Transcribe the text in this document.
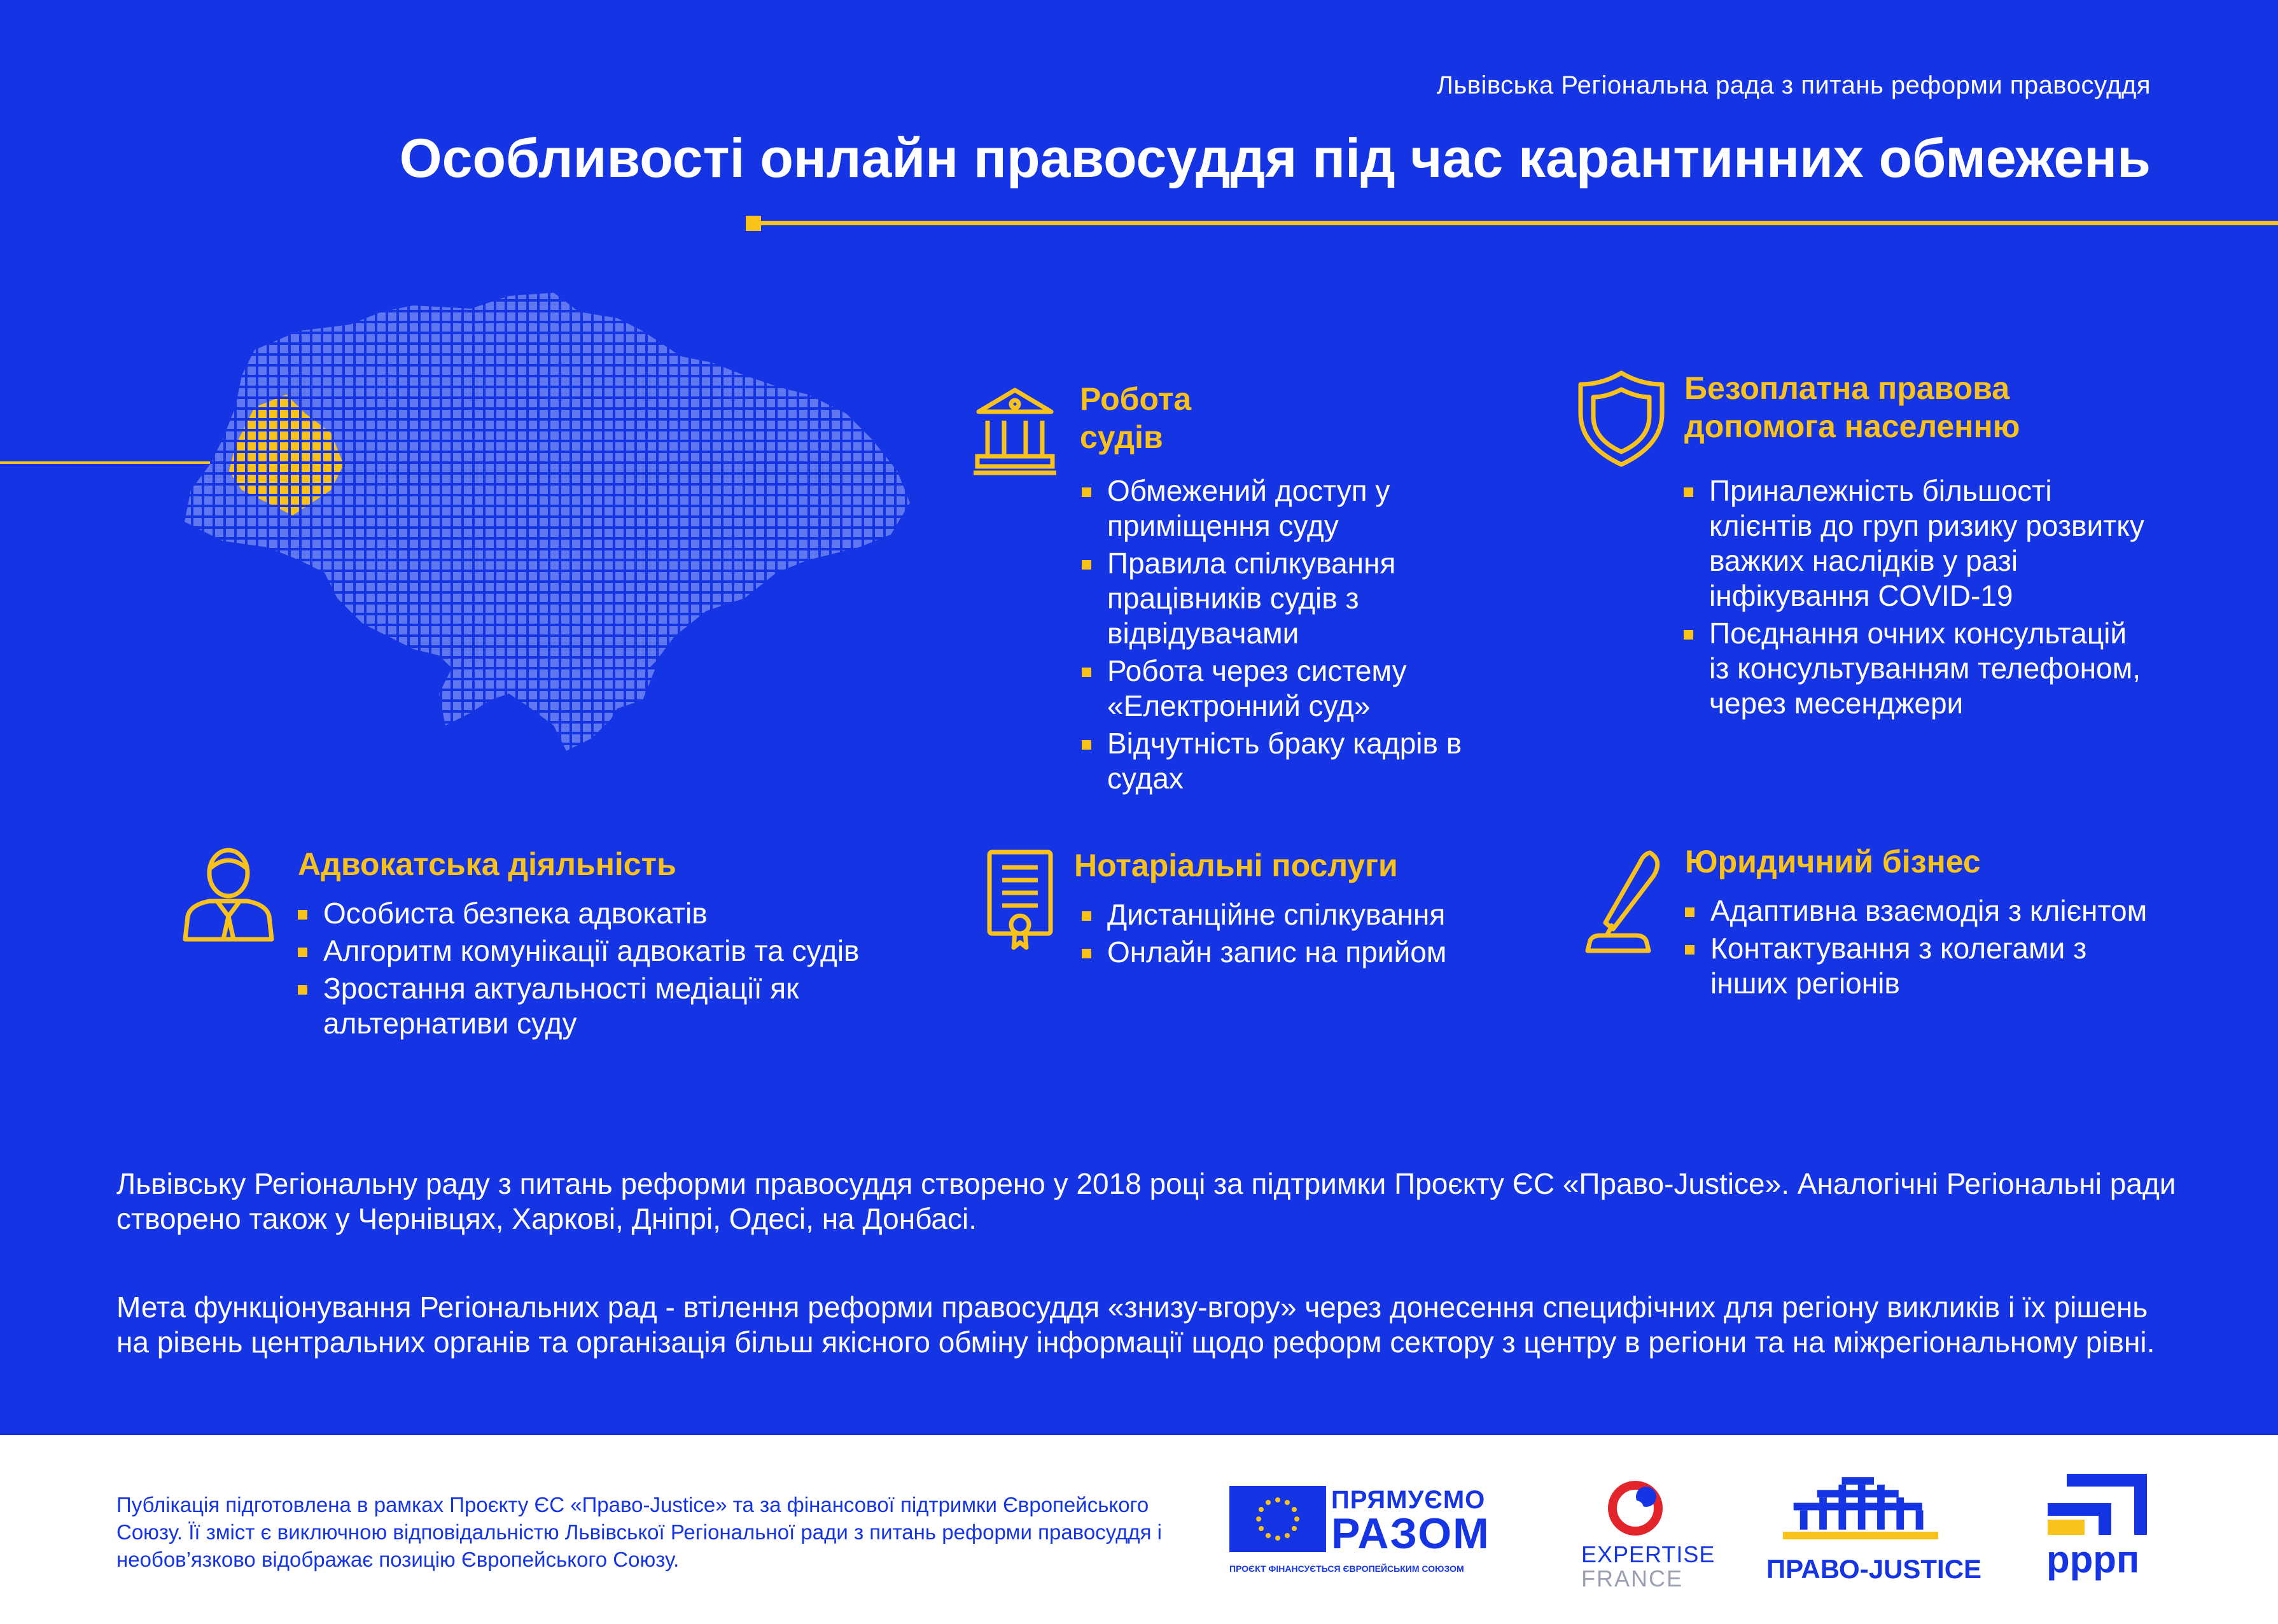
Львівська Регіональна рада з питань реформи правосуддя
Особливості онлайн правосуддя під час карантинних обмежень
Робота
судів
Обмежений доступ у приміщення суду
Правила спілкування працівників судів з відвідувачами
Робота через систему «Електронний суд»
Відчутність браку кадрів в судах
Безоплатна правова
допомога населенню
Приналежність більшості клієнтів до груп ризику розвитку важких наслідків у разі інфікування COVID-19
Поєднання очних консультацій із консультуванням телефоном, через месенджери
Адвокатська діяльність
Особиста безпека адвокатів
Алгоритм комунікації адвокатів та судів
Зростання актуальності медіації як альтернативи суду
Нотаріальні послуги
Дистанційне спілкування
Онлайн запис на прийом
Юридичний бізнес
Адаптивна взаємодія з клієнтом
Контактування з колегами з інших регіонів
Львівську Регіональну раду з питань реформи правосуддя створено у 2018 році за підтримки Проєкту ЄС «Право-Justice». Аналогічні Регіональні ради створено також у Чернівцях, Харкові, Дніпрі, Одесі, на Донбасі.
Мета функціонування Регіональних рад - втілення реформи правосуддя «знизу-вгору» через донесення специфічних для регіону викликів і їх рішень на рівень центральних органів та організація більш якісного обміну інформації щодо реформ сектору з центру в регіони та на міжрегіональному рівні.
Публікація підготовлена в рамках Проєкту ЄС «Право-Justice» та за фінансової підтримки Європейського Союзу. Її зміст є виключною відповідальністю Львівської Регіональної ради з питань реформи правосуддя і необов’язково відображає позицію Європейського Союзу.
ПРЯМУЄМО
РАЗОМ
ПРОЄКТ ФІНАНСУЄТЬСЯ ЄВРОПЕЙСЬКИМ СОЮЗОМ
EXPERTISE
FRANCE	ПРАВО-JUSTICE	рррп
